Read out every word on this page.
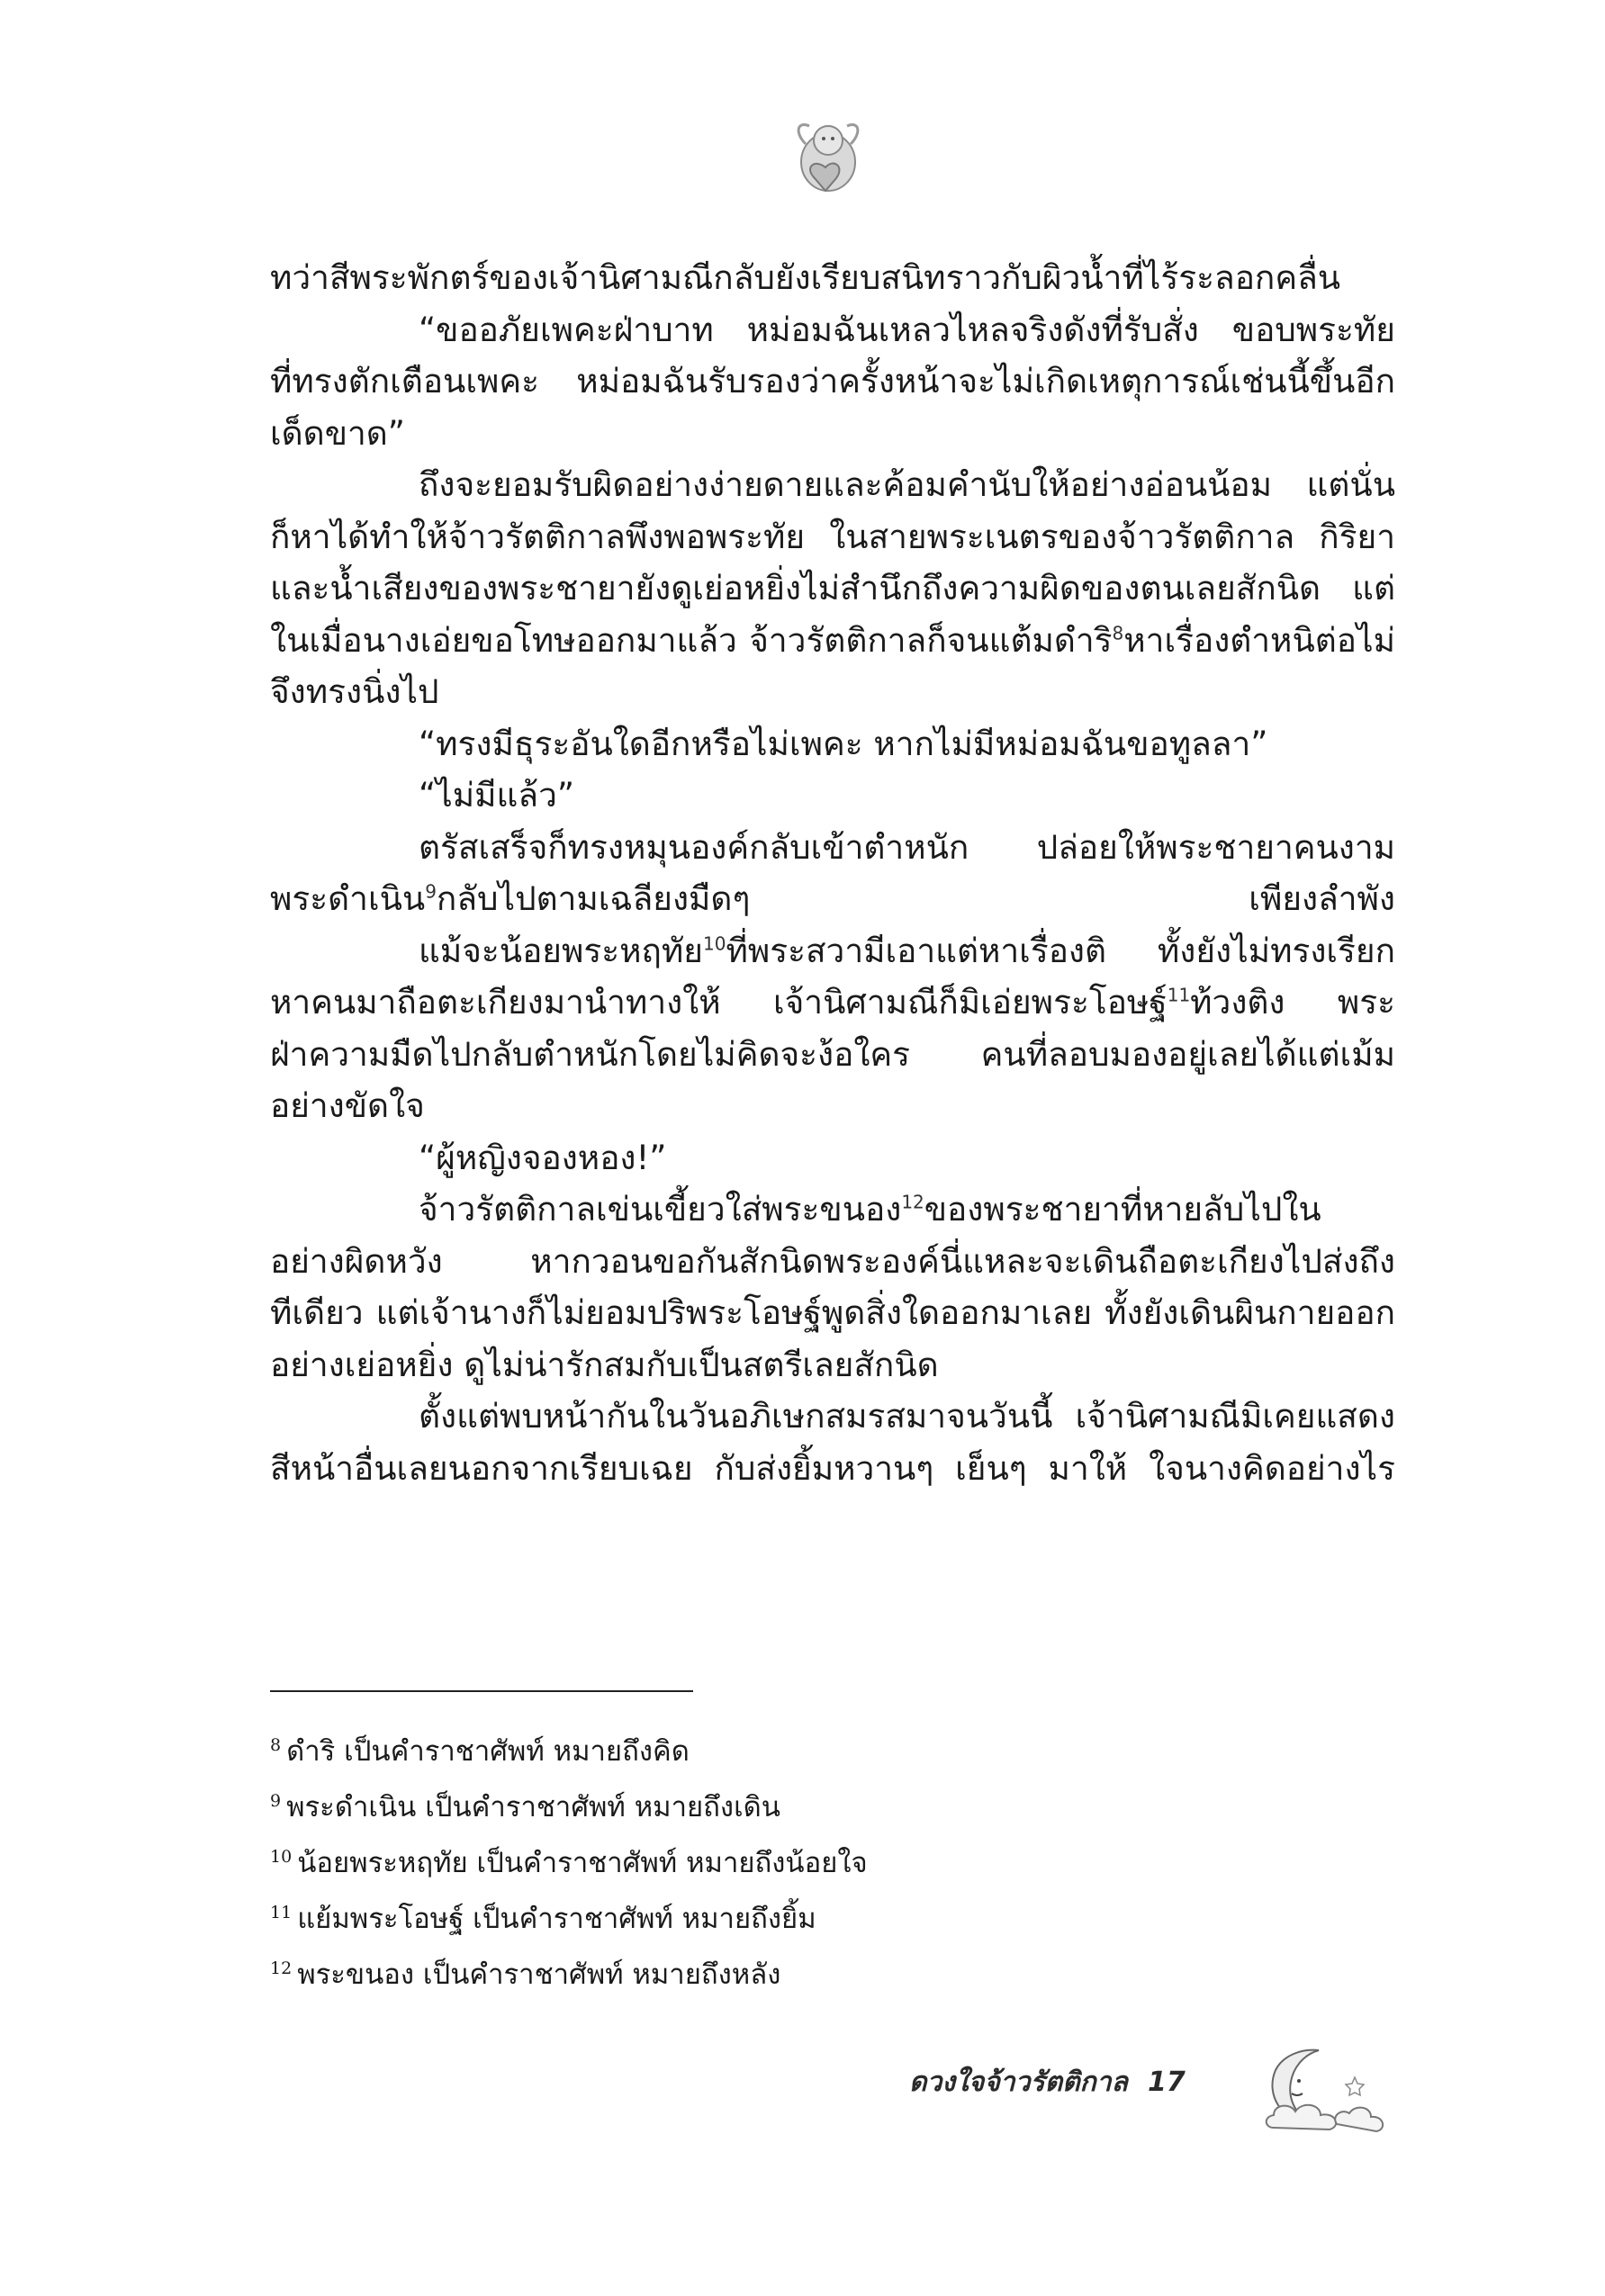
ทว่าสีพระพักตร์ของเจ้านิศามณีกลับยังเรียบสนิทราวกับผิวน้ำที่ไร้ระลอกคลื่น
“ขออภัยเพคะฝ่าบาท หม่อมฉันเหลวไหลจริงดังที่รับสั่ง ขอบพระทัย
ที่ทรงตักเตือนเพคะ หม่อมฉันรับรองว่าครั้งหน้าจะไม่เกิดเหตุการณ์เช่นนี้ขึ้นอีก
เด็ดขาด”
ถึงจะยอมรับผิดอย่างง่ายดายและค้อมคำนับให้อย่างอ่อนน้อม แต่นั่น
ก็หาได้ทำให้จ้าวรัตติกาลพึงพอพระทัย ในสายพระเนตรของจ้าวรัตติกาล กิริยา
และน้ำเสียงของพระชายายังดูเย่อหยิ่งไม่สำนึกถึงความผิดของตนเลยสักนิด แต่
ในเมื่อนางเอ่ยขอโทษออกมาแล้ว จ้าวรัตติกาลก็จนแต้มดำริ$^8$หาเรื่องตำหนิต่อไม่
จึงทรงนิ่งไป
“ทรงมีธุระอันใดอีกหรือไม่เพคะ หากไม่มีหม่อมฉันขอทูลลา”
“ไม่มีแล้ว”
ตรัสเสร็จก็ทรงหมุนองค์กลับเข้าตำหนัก ปล่อยให้พระชายาคนงาม
พระดำเนิน$^9$กลับไปตามเฉลียงมืดๆ เพียงลำพัง
แม้จะน้อยพระหฤทัย$^{10}$ที่พระสวามีเอาแต่หาเรื่องติ ทั้งยังไม่ทรงเรียก
หาคนมาถือตะเกียงมานำทางให้ เจ้านิศามณีก็มิเอ่ยพระโอษฐ์$^{11}$ท้วงติง พระ
ฝ่าความมืดไปกลับตำหนักโดยไม่คิดจะง้อใคร คนที่ลอบมองอยู่เลยได้แต่เม้ม
อย่างขัดใจ
“ผู้หญิงจองหอง!”
จ้าวรัตติกาลเข่นเขี้ยวใส่พระขนอง$^{12}$ของพระชายาที่หายลับไปใน
อย่างผิดหวัง หากวอนขอกันสักนิดพระองค์นี่แหละจะเดินถือตะเกียงไปส่งถึง
ทีเดียว แต่เจ้านางก็ไม่ยอมปริพระโอษฐ์พูดสิ่งใดออกมาเลย ทั้งยังเดินผินกายออก
อย่างเย่อหยิ่ง ดูไม่น่ารักสมกับเป็นสตรีเลยสักนิด
ตั้งแต่พบหน้ากันในวันอภิเษกสมรสมาจนวันนี้ เจ้านิศามณีมิเคยแสดง
สีหน้าอื่นเลยนอกจากเรียบเฉย กับส่งยิ้มหวานๆ เย็นๆ มาให้ ใจนางคิดอย่างไร
$^8$ ดำริ เป็นคำราชาศัพท์ หมายถึงคิด
$^9$ พระดำเนิน เป็นคำราชาศัพท์ หมายถึงเดิน
$^{10}$ น้อยพระหฤทัย เป็นคำราชาศัพท์ หมายถึงน้อยใจ
$^{11}$ แย้มพระโอษฐ์ เป็นคำราชาศัพท์ หมายถึงยิ้ม
$^{12}$ พระขนอง เป็นคำราชาศัพท์ หมายถึงหลัง
ดวงใจจ้าวรัตติกาล 17
